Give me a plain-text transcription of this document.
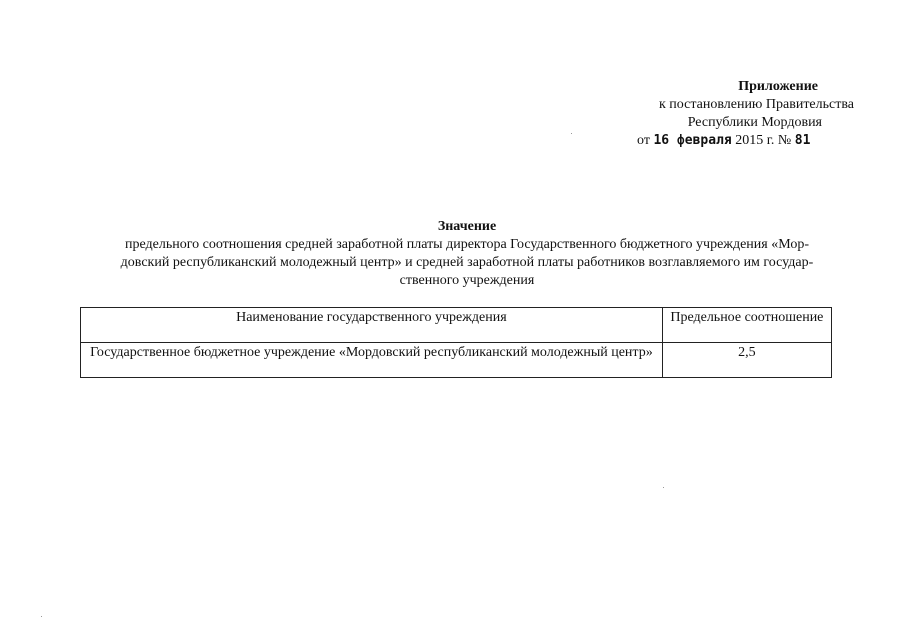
Приложение
к постановлению Правительства
Республики Мордовия
от 16 февраля 2015 г. № 81
Значение
предельного соотношения средней заработной платы директора Государственного бюджетного учреждения «Мор-
довский республиканский молодежный центр» и средней заработной платы работников возглавляемого им государ-
ственного учреждения
Наименование государственного учреждения	Предельное соотношение
Государственное бюджетное учреждение «Мордовский республиканский молодежный центр»	2,5
